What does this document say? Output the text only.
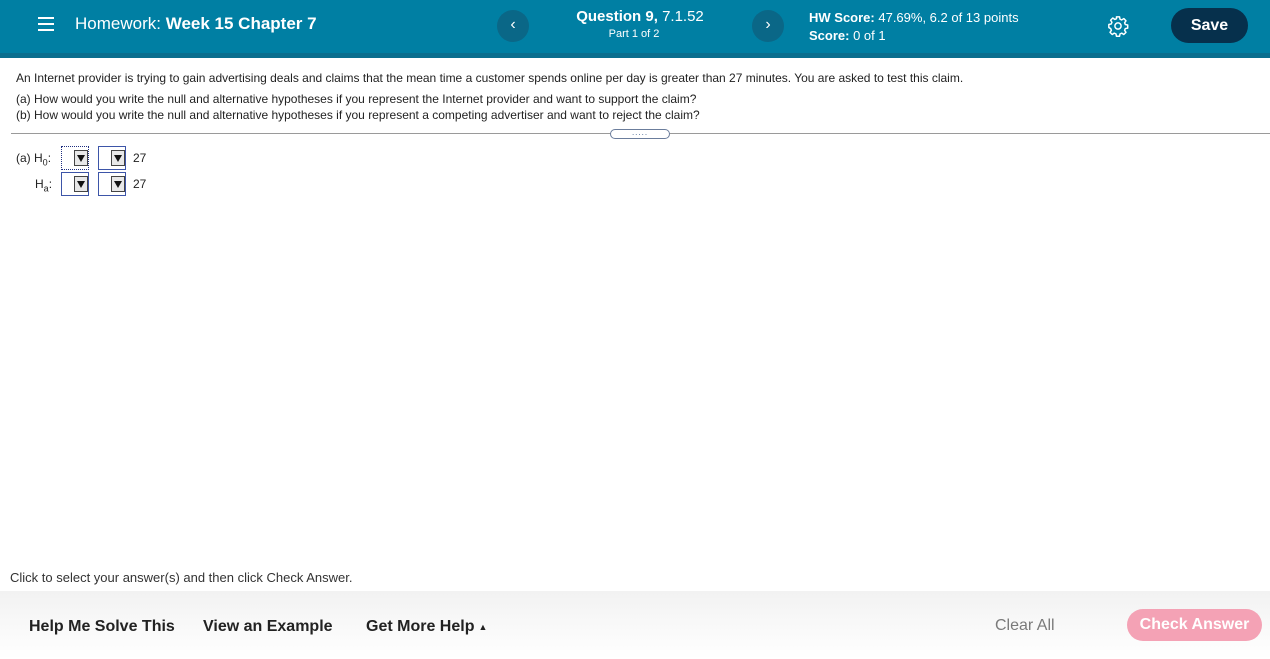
Homework: Week 15 Chapter 7	‹	Question 9, 7.1.52
Part 1 of 2
›	HW Score: 47.69%, 6.2 of 13 points
Score: 0 of 1
Save

An Internet provider is trying to gain advertising deals and claims that the mean time a customer spends online per day is greater than 27 minutes. You are asked to test this claim.

(a) How would you write the null and alternative hypotheses if you represent the Internet provider and want to support the claim?

(b) How would you write the null and alternative hypotheses if you represent a competing advertiser and want to reject the claim?

.....
(a) $H_0$:	27
$H_a$:	27
Click to select your answer(s) and then click Check Answer.
Help Me Solve This View an Example Get More Help ▲	Clear All	Check Answer
